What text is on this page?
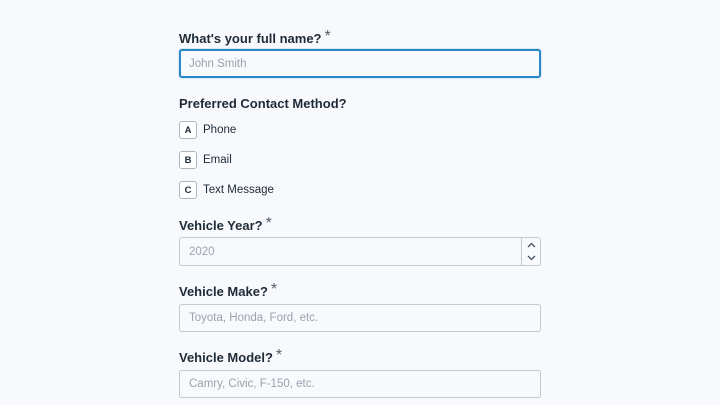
What's your full name? *
John Smith
Preferred Contact Method?
A	Phone
B	Email
C	Text Message
Vehicle Year? *
2020
Vehicle Make? *
Toyota, Honda, Ford, etc.
Vehicle Model? *
Camry, Civic, F-150, etc.
